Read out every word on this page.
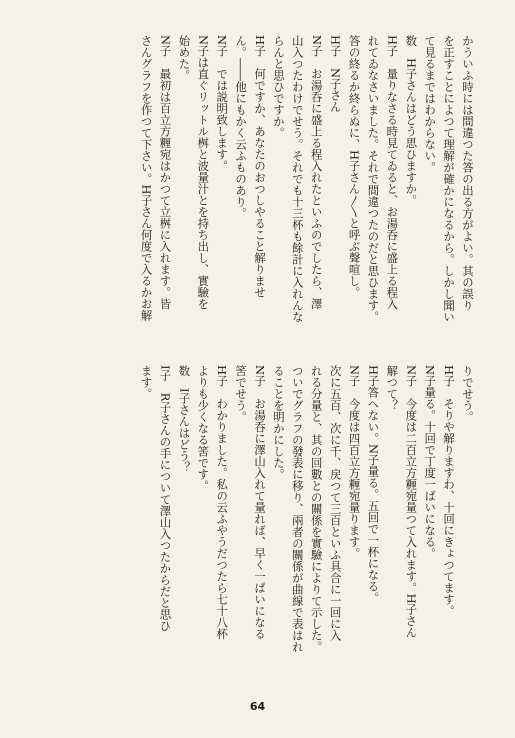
かういふ時には間違つた答の出る方がよい。其の誤り
を正すことによつて理解が確かになるから。しかし聞い
て見るまではわからない。
数　H子さんはどう思ひますか。
H子　量りなさる時見てゐると、お湯呑に盛上る程入
れてゐなさいました。それで間違つたのだと思ひます。
答の終るか終らぬに、H子さん〳〵と呼ぶ聲喧し。
H子　N子さん
N子　お湯呑に盛上る程入れたといふのでしたら、澤
山入つたわけでせう。それでも十三杯も餘計に入れんな
らんと思ひですか。
H子　何ですか、あなたのおつしやること解りませ
ん。――他にもかく云ふものあり。
N子　では説明致します。
N子は直ぐリットル桝と波量汁とを持ち出し、實驗を
始めた。
N子　最初は百立方糎宛はかつて立桝に入れます。皆
さんグラフを作つて下さい。H子さん何度で入るかお解
りでせう。
H子　そりや解りますわ、十回にきょつてます。
N子量る。十回で丁度一ぱいになる。
N子　今度は二百立方糎宛量つて入れます。H子さん
解つて？
H子答へない。N子量る。五回で一杯になる。
N子　今度は四百立方糎宛量ります。
次に五百、次に千、戻つて三百といふ具合に一回に入
れる分量と、其の回數との關係を實驗によりて示した。
ついでグラフの發表に移り、兩者の關係が曲線で表はれ
ることを明かにした。
N子　お湯呑に澤山入れて量れば、早く一ぱいになる
筈でせう。
H子　わかりました。私の云ふやうだつたら七十八杯
よりも少くなる筈です。
数　I子さんはどう？
I子　R子さんの手について澤山入つたからだと思ひ
ます。
64
